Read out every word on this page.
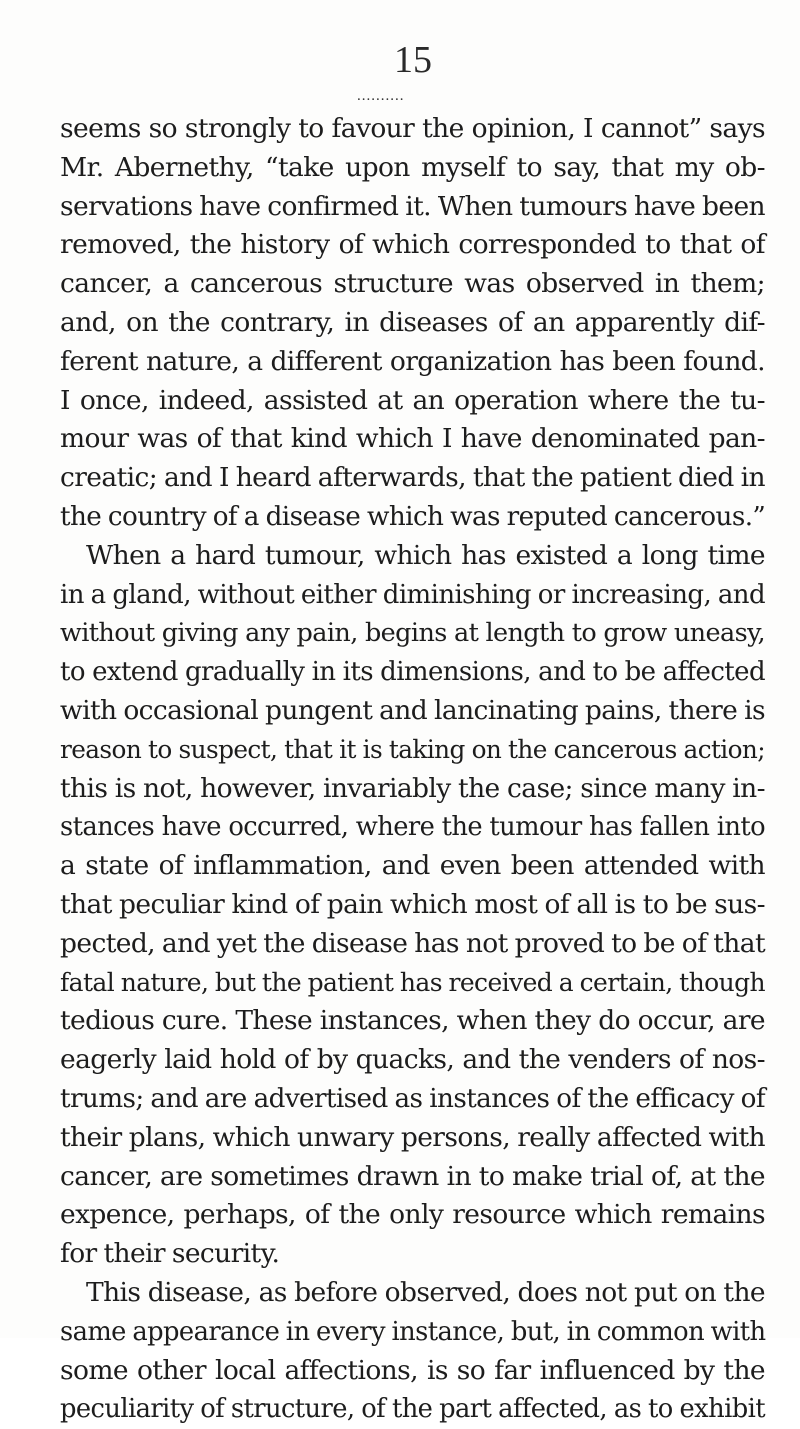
15
..........
seems so strongly to favour the opinion, I cannot” says
Mr. Abernethy, “take upon myself to say, that my ob-
servations have confirmed it. When tumours have been
removed, the history of which corresponded to that of
cancer, a cancerous structure was observed in them;
and, on the contrary, in diseases of an apparently dif-
ferent nature, a different organization has been found.
I once, indeed, assisted at an operation where the tu-
mour was of that kind which I have denominated pan-
creatic; and I heard afterwards, that the patient died in
the country of a disease which was reputed cancerous.”
When a hard tumour, which has existed a long time
in a gland, without either diminishing or increasing, and
without giving any pain, begins at length to grow uneasy,
to extend gradually in its dimensions, and to be affected
with occasional pungent and lancinating pains, there is
reason to suspect, that it is taking on the cancerous action;
this is not, however, invariably the case; since many in-
stances have occurred, where the tumour has fallen into
a state of inflammation, and even been attended with
that peculiar kind of pain which most of all is to be sus-
pected, and yet the disease has not proved to be of that
fatal nature, but the patient has received a certain, though
tedious cure. These instances, when they do occur, are
eagerly laid hold of by quacks, and the venders of nos-
trums; and are advertised as instances of the efficacy of
their plans, which unwary persons, really affected with
cancer, are sometimes drawn in to make trial of, at the
expence, perhaps, of the only resource which remains
for their security.
This disease, as before observed, does not put on the
same appearance in every instance, but, in common with
some other local affections, is so far influenced by the
peculiarity of structure, of the part affected, as to exhibit
